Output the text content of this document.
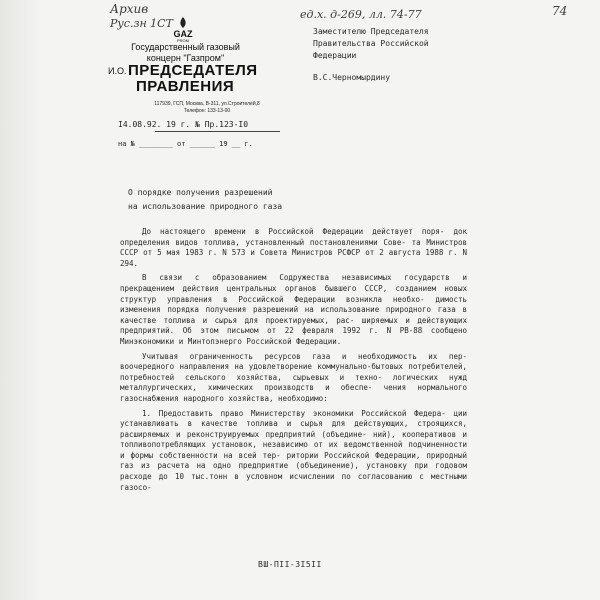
Архив
Рус.зн 1СТ
ед.х. д-269, лл. 74-77	74
GAZ
PROM
Государственный газовый
концерн "Газпром"
И.О. ПРЕДСЕДАТЕЛЯ
ПРАВЛЕНИЯ
117939, ГСП, Москва, В-311, ул.Строителей,8
Телефон: 133-13-00
I4.08.92. 19 г. № Пр.123-I0
на № ________ от ______ 19 __ г.
Заместителю Председателя
Правительства Российской
Федерации
В.С.Черномырдину
О порядке получения разрешений
на использование природного газа

До настоящего времени в Российской Федерации действует поря- док определения видов топлива, установленный постановлениями Сове- та Министров СССР от 5 мая 1983 г. N 573 и Совета Министров РСФСР от 2 августа 1988 г. N 294.

В связи с образованием Содружества независимых государств и прекращением действия центральных органов бывшего СССР, созданием новых структур управления в Российской Федерации возникла необхо- димость изменения порядка получения разрешений на использование природного газа в качестве топлива и сырья для проектируемых, рас- ширяемых и действующих предприятий. Об этом письмом от 22 февраля 1992 г. N РВ-88 сообщено Минэкономики и Минтопэнерго Российской Федерации.

Учитывая ограниченность ресурсов газа и необходимость их пер- воочередного направления на удовлетворение коммунально-бытовых потребителей, потребностей сельского хозяйства, сырьевых и техно- логических нужд металлургических, химических производств и обеспе- чения нормального газоснабжения народного хозяйства, необходимо:

1. Предоставить право Министерству экономики Российской Федера- ции устанавливать в качестве топлива и сырья для действующих, строящихся, расширяемых и реконструируемых предприятий (объедине- ний), кооперативов и топливопотребляющих установок, независимо от их ведомственной подчиненности и формы собственности на всей тер- ритории Российской Федерации, природный газ из расчета на одно предприятие (объединение), установку при годовом расходе до 10 тыс.тонн в условном исчислении по согласованию с местными газосо-

ВШ-ПII-3I5II
